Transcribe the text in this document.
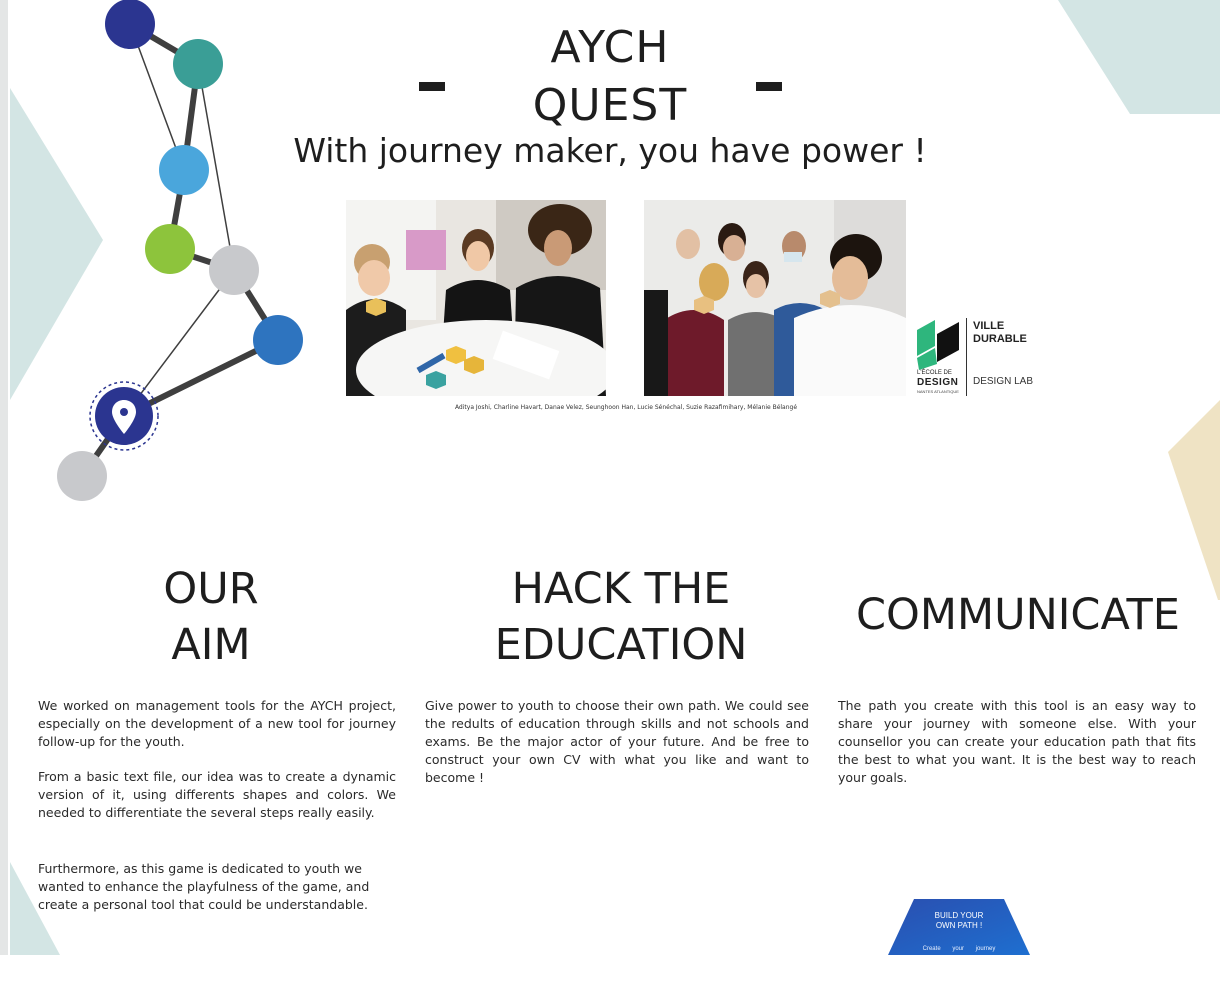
AYCH
QUEST
With journey maker, you have power !
Aditya Joshi, Charline Havart, Danae Velez, Seunghoon Han, Lucie Sénéchal, Suzie Razafimihary, Mélanie Bélangé
VILLE
DURABLE
DESIGN LAB
L'ÉCOLE DE
DESIGN
NANTES ATLANTIQUE
OUR
AIM
HACK THE
EDUCATION
COMMUNICATE

We worked on management tools for the AYCH project, especially on the development of a new tool for journey follow-up for the youth.

From a basic text file, our idea was to create a dynamic version of it, using differents shapes and colors. We needed to differentiate the several steps really easily.

Furthermore, as this game is dedicated to youth we wanted to enhance the playfulness of the game, and create a personal tool that could be understandable.

Give power to youth to choose their own path. We could see the redults of education through skills and not schools and exams. Be the major actor of your future. And be free to construct your own CV with what you like and want to become !

The path you create with this tool is an easy way to share your journey with someone else. With your counsellor you can create your education path that fits the best to what you want. It is the best way to reach your goals.

BUILD YOUR
OWN PATH !
Create your journey
